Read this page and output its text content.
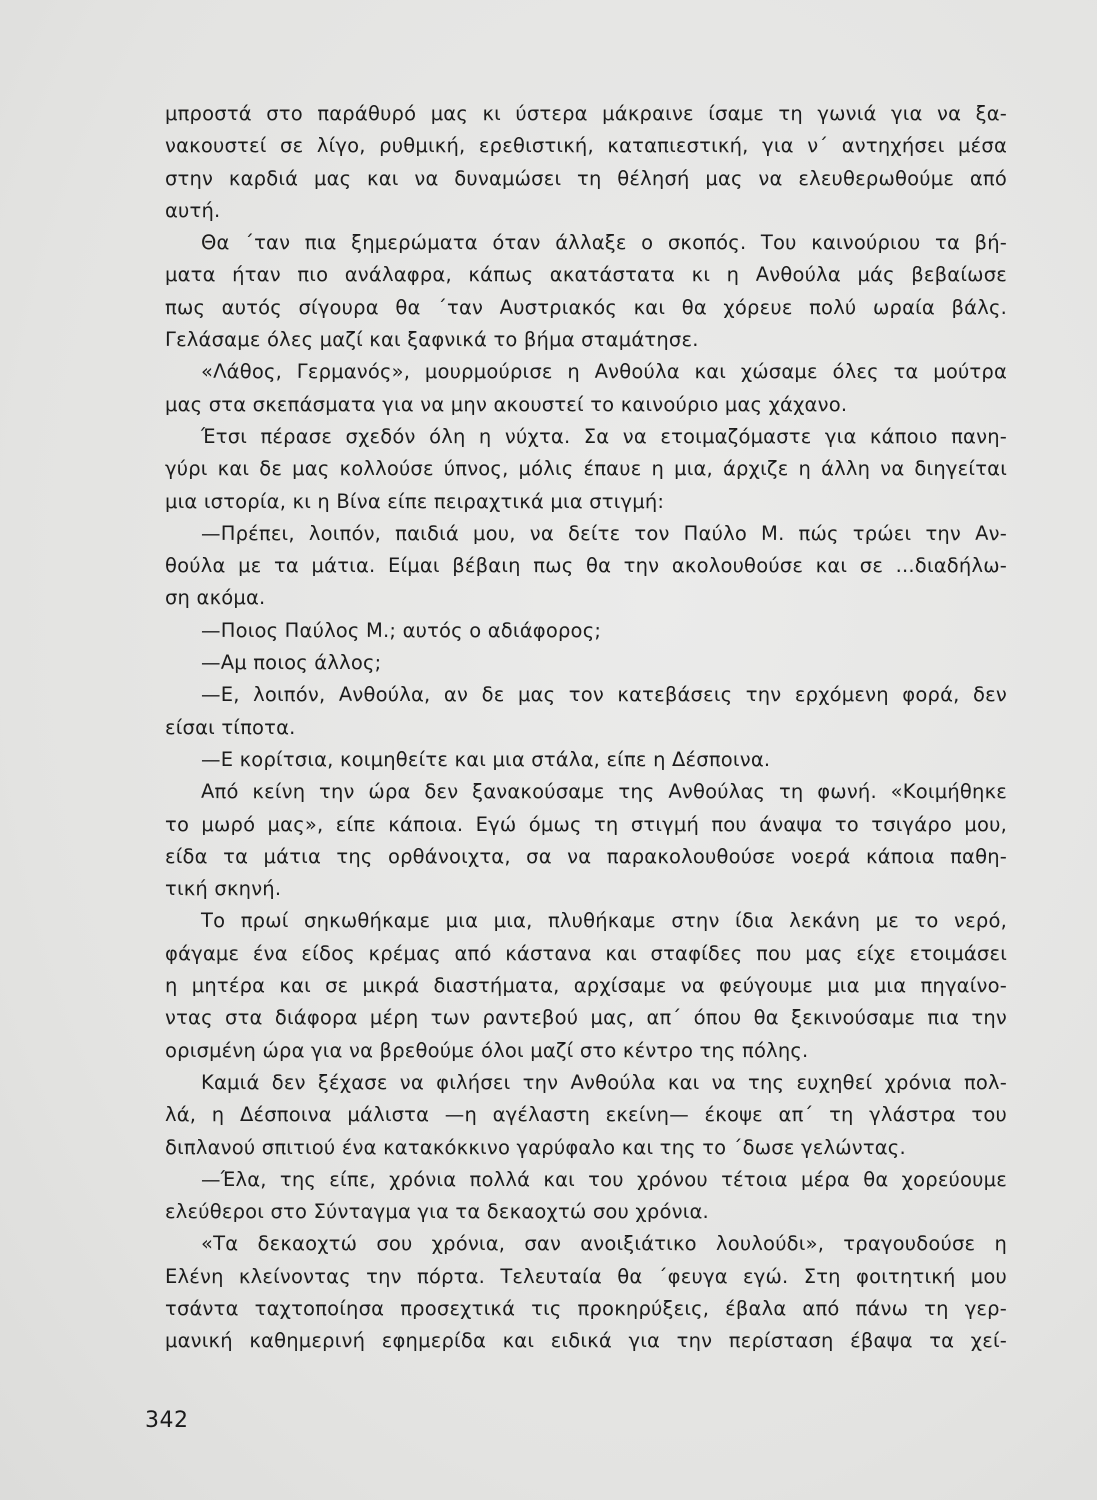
μπροστά στο παράθυρό μας κι ύστερα μάκραινε ίσαμε τη γωνιά για να ξα-
νακουστεί σε λίγο, ρυθμική, ερεθιστική, καταπιεστική, για ν΄ αντηχήσει μέσα
στην καρδιά μας και να δυναμώσει τη θέλησή μας να ελευθερωθούμε από
αυτή.
Θα ΄ταν πια ξημερώματα όταν άλλαξε ο σκοπός. Του καινούριου τα βή-
ματα ήταν πιο ανάλαφρα, κάπως ακατάστατα κι η Ανθούλα μάς βεβαίωσε
πως αυτός σίγουρα θα ΄ταν Αυστριακός και θα χόρευε πολύ ωραία βάλς.
Γελάσαμε όλες μαζί και ξαφνικά το βήμα σταμάτησε.
«Λάθος, Γερμανός», μουρμούρισε η Ανθούλα και χώσαμε όλες τα μούτρα
μας στα σκεπάσματα για να μην ακουστεί το καινούριο μας χάχανο.
Έτσι πέρασε σχεδόν όλη η νύχτα. Σα να ετοιμαζόμαστε για κάποιο πανη-
γύρι και δε μας κολλούσε ύπνος, μόλις έπαυε η μια, άρχιζε η άλλη να διηγείται
μια ιστορία, κι η Βίνα είπε πειραχτικά μια στιγμή:
—Πρέπει, λοιπόν, παιδιά μου, να δείτε τον Παύλο Μ. πώς τρώει την Αν-
θούλα με τα μάτια. Είμαι βέβαιη πως θα την ακολουθούσε και σε ...διαδήλω-
ση ακόμα.
—Ποιος Παύλος Μ.; αυτός ο αδιάφορος;
—Αμ ποιος άλλος;
—Ε, λοιπόν, Ανθούλα, αν δε μας τον κατεβάσεις την ερχόμενη φορά, δεν
είσαι τίποτα.
—Ε κορίτσια, κοιμηθείτε και μια στάλα, είπε η Δέσποινα.
Από κείνη την ώρα δεν ξανακούσαμε της Ανθούλας τη φωνή. «Κοιμήθηκε
το μωρό μας», είπε κάποια. Εγώ όμως τη στιγμή που άναψα το τσιγάρο μου,
είδα τα μάτια της ορθάνοιχτα, σα να παρακολουθούσε νοερά κάποια παθη-
τική σκηνή.
Το πρωί σηκωθήκαμε μια μια, πλυθήκαμε στην ίδια λεκάνη με το νερό,
φάγαμε ένα είδος κρέμας από κάστανα και σταφίδες που μας είχε ετοιμάσει
η μητέρα και σε μικρά διαστήματα, αρχίσαμε να φεύγουμε μια μια πηγαίνο-
ντας στα διάφορα μέρη των ραντεβού μας, απ΄ όπου θα ξεκινούσαμε πια την
ορισμένη ώρα για να βρεθούμε όλοι μαζί στο κέντρο της πόλης.
Καμιά δεν ξέχασε να φιλήσει την Ανθούλα και να της ευχηθεί χρόνια πολ-
λά, η Δέσποινα μάλιστα —η αγέλαστη εκείνη— έκοψε απ΄ τη γλάστρα του
διπλανού σπιτιού ένα κατακόκκινο γαρύφαλο και της το ΄δωσε γελώντας.
—Έλα, της είπε, χρόνια πολλά και του χρόνου τέτοια μέρα θα χορεύουμε
ελεύθεροι στο Σύνταγμα για τα δεκαοχτώ σου χρόνια.
«Τα δεκαοχτώ σου χρόνια, σαν ανοιξιάτικο λουλούδι», τραγουδούσε η
Ελένη κλείνοντας την πόρτα. Τελευταία θα ΄φευγα εγώ. Στη φοιτητική μου
τσάντα ταχτοποίησα προσεχτικά τις προκηρύξεις, έβαλα από πάνω τη γερ-
μανική καθημερινή εφημερίδα και ειδικά για την περίσταση έβαψα τα χεί-
342
